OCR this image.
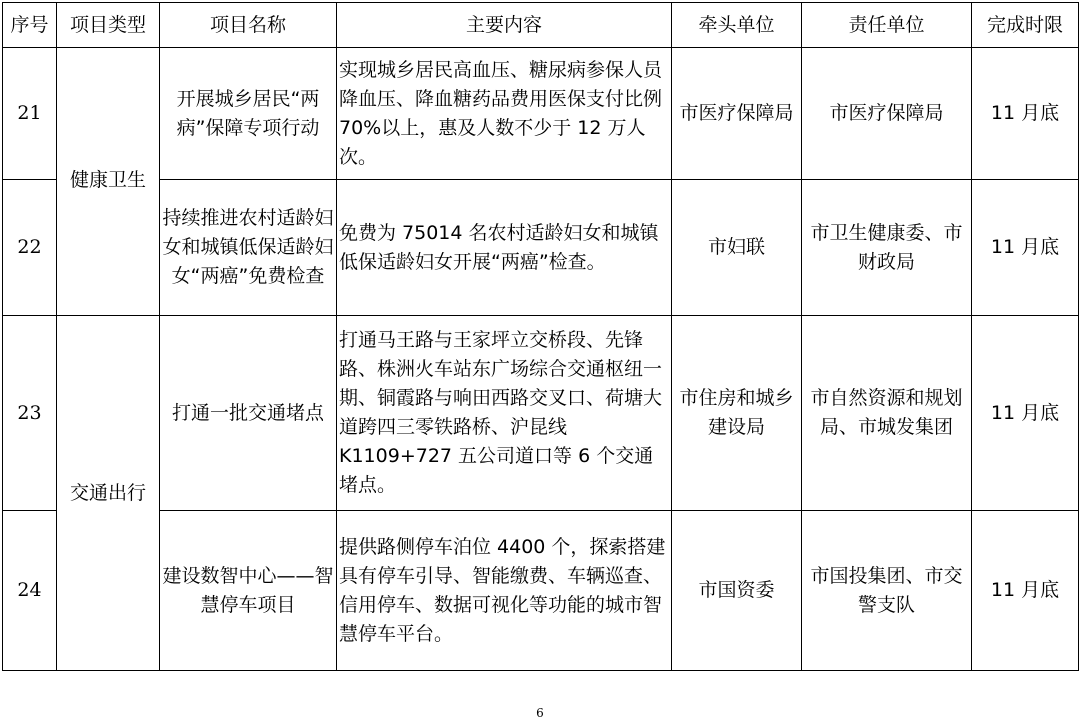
序号	项目类型	项目名称	主要内容	牵头单位	责任单位	完成时限
21	健康卫生	开展城乡居民“两病”保障专项行动	实现城乡居民高血压、糖尿病参保人员降血压、降血糖药品费用医保支付比例 70%以上，惠及人数不少于 12 万人次。	市医疗保障局	市医疗保障局	11 月底
22		持续推进农村适龄妇女和城镇低保适龄妇女“两癌”免费检查	免费为 75014 名农村适龄妇女和城镇低保适龄妇女开展“两癌”检查。	市妇联	市卫生健康委、市财政局	11 月底
23	交通出行	打通一批交通堵点	打通马王路与王家坪立交桥段、先锋路、株洲火车站东广场综合交通枢纽一期、铜霞路与响田西路交叉口、荷塘大道跨四三零铁路桥、沪昆线 K1109+727 五公司道口等 6 个交通堵点。	市住房和城乡建设局	市自然资源和规划局、市城发集团	11 月底
24		建设数智中心——智慧停车项目	提供路侧停车泊位 4400 个，探索搭建具有停车引导、智能缴费、车辆巡查、信用停车、数据可视化等功能的城市智慧停车平台。	市国资委	市国投集团、市交警支队	11 月底
6
